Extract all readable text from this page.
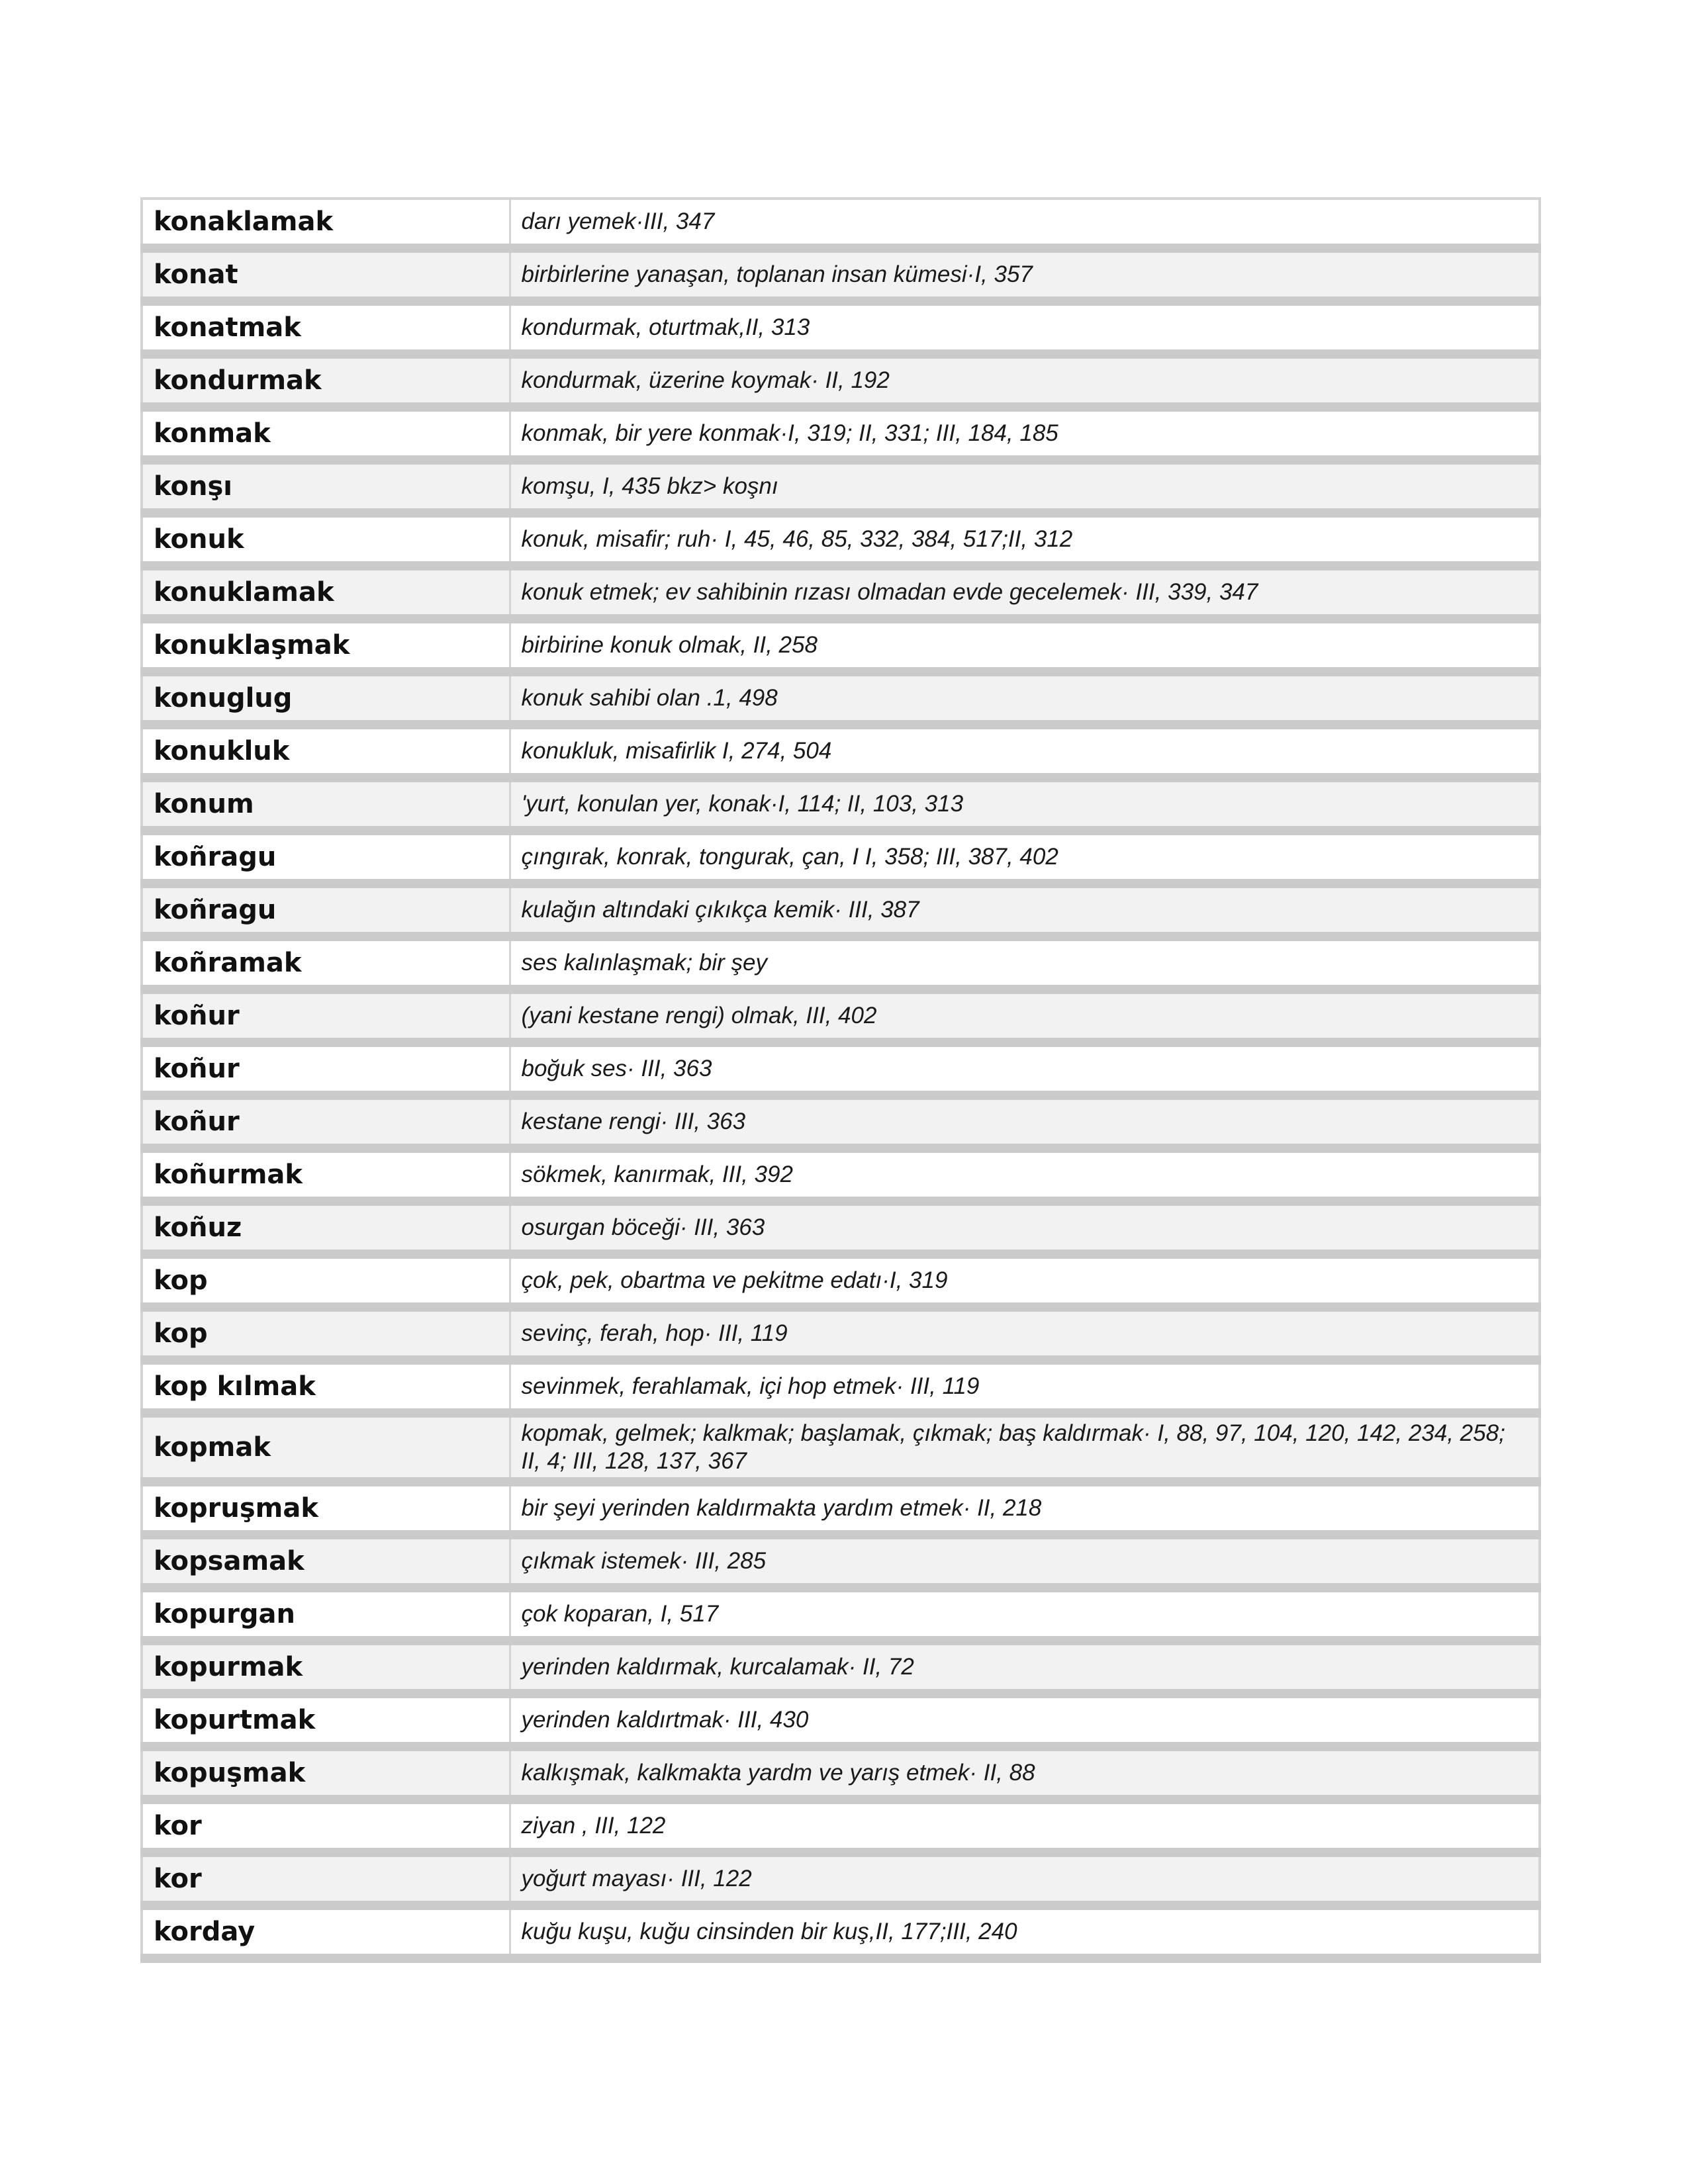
konaklamak	darı yemek·III, 347
konat	birbirlerine yanaşan, toplanan insan kümesi·I, 357
konatmak	kondurmak, oturtmak,II, 313
kondurmak	kondurmak, üzerine koymak· II, 192
konmak	konmak, bir yere konmak·I, 319; II, 331; III, 184, 185
konşı	komşu, I, 435 bkz> koşnı
konuk	konuk, misafir; ruh· I, 45, 46, 85, 332, 384, 517;II, 312
konuklamak	konuk etmek; ev sahibinin rızası olmadan evde gecelemek· III, 339, 347
konuklaşmak	birbirine konuk olmak, II, 258
konuglug	konuk sahibi olan .1, 498
konukluk	konukluk, misafirlik I, 274, 504
konum	'yurt, konulan yer, konak·I, 114; II, 103, 313
koñragu	çıngırak, konrak, tongurak, çan, I I, 358; III, 387, 402
koñragu	kulağın altındaki çıkıkça kemik· III, 387
koñramak	ses kalınlaşmak; bir şey
koñur	(yani kestane rengi) olmak, III, 402
koñur	boğuk ses· III, 363
koñur	kestane rengi· III, 363
koñurmak	sökmek, kanırmak, III, 392
koñuz	osurgan böceği· III, 363
kop	çok, pek, obartma ve pekitme edatı·I, 319
kop	sevinç, ferah, hop· III, 119
kop kılmak	sevinmek, ferahlamak, içi hop etmek· III, 119
kopmak	kopmak, gelmek; kalkmak; başlamak, çıkmak; baş kaldırmak· I, 88, 97, 104, 120, 142, 234, 258; II, 4; III, 128, 137, 367
kopruşmak	bir şeyi yerinden kaldırmakta yardım etmek· II, 218
kopsamak	çıkmak istemek· III, 285
kopurgan	çok koparan, I, 517
kopurmak	yerinden kaldırmak, kurcalamak· II, 72
kopurtmak	yerinden kaldırtmak· III, 430
kopuşmak	kalkışmak, kalkmakta yardm ve yarış etmek· II, 88
kor	ziyan , III, 122
kor	yoğurt mayası· III, 122
korday	kuğu kuşu, kuğu cinsinden bir kuş,II, 177;III, 240
